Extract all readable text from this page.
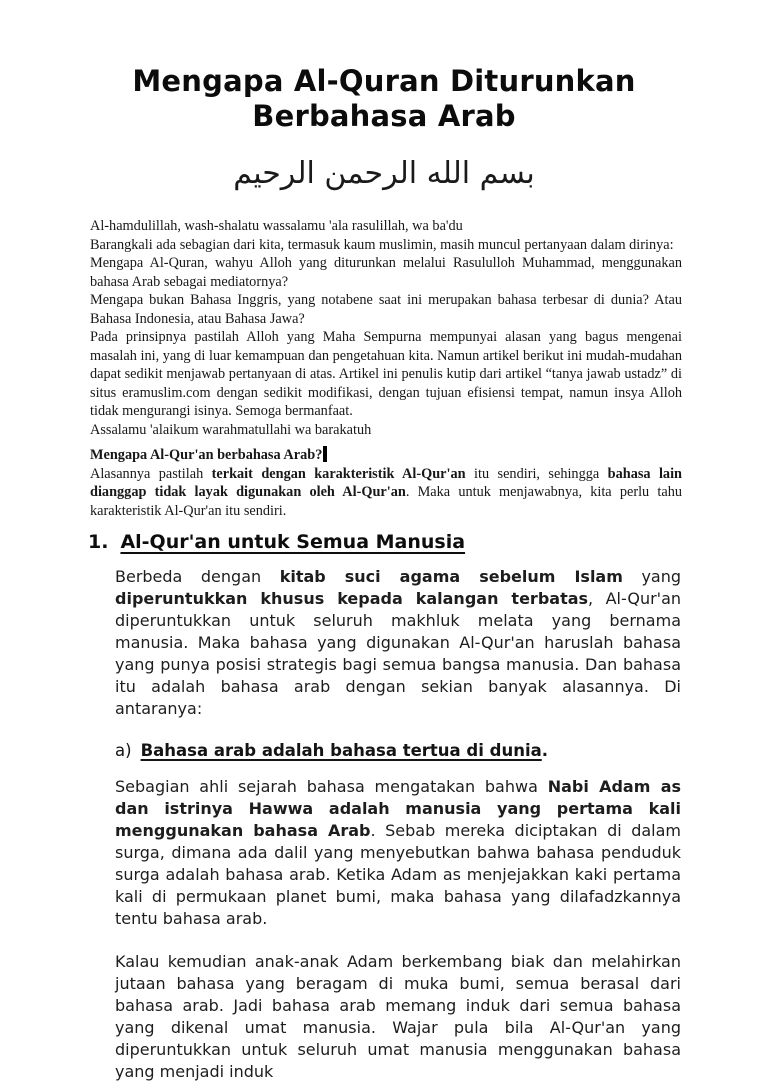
Mengapa Al-Quran Diturunkan
Berbahasa Arab
بسم الله الرحمن الرحيم

Al-hamdulillah, wash-shalatu wassalamu 'ala rasulillah, wa ba'du

Barangkali ada sebagian dari kita, termasuk kaum muslimin, masih muncul pertanyaan dalam dirinya:

Mengapa Al-Quran, wahyu Alloh yang diturunkan melalui Rasululloh Muhammad, menggunakan bahasa Arab sebagai mediatornya?

Mengapa bukan Bahasa Inggris, yang notabene saat ini merupakan bahasa terbesar di dunia? Atau Bahasa Indonesia, atau Bahasa Jawa?

Pada prinsipnya pastilah Alloh yang Maha Sempurna mempunyai alasan yang bagus mengenai masalah ini, yang di luar kemampuan dan pengetahuan kita. Namun artikel berikut ini mudah-mudahan dapat sedikit menjawab pertanyaan di atas. Artikel ini penulis kutip dari artikel “tanya jawab ustadz” di situs eramuslim.com dengan sedikit modifikasi, dengan tujuan efisiensi tempat, namun insya Alloh tidak mengurangi isinya. Semoga bermanfaat.

Assalamu 'alaikum warahmatullahi wa barakatuh

Mengapa Al-Qur'an berbahasa Arab?

Alasannya pastilah terkait dengan karakteristik Al-Qur'an itu sendiri, sehingga bahasa lain dianggap tidak layak digunakan oleh Al-Qur'an. Maka untuk menjawabnya, kita perlu tahu karakteristik Al-Qur'an itu sendiri.

1. Al-Qur'an untuk Semua Manusia

Berbeda dengan kitab suci agama sebelum Islam yang diperuntukkan khusus kepada kalangan terbatas, Al-Qur'an diperuntukkan untuk seluruh makhluk melata yang bernama manusia. Maka bahasa yang digunakan Al-Qur'an haruslah bahasa yang punya posisi strategis bagi semua bangsa manusia. Dan bahasa itu adalah bahasa arab dengan sekian banyak alasannya. Di antaranya:

a) Bahasa arab adalah bahasa tertua di dunia.

Sebagian ahli sejarah bahasa mengatakan bahwa Nabi Adam as dan istrinya Hawwa adalah manusia yang pertama kali menggunakan bahasa Arab. Sebab mereka diciptakan di dalam surga, dimana ada dalil yang menyebutkan bahwa bahasa penduduk surga adalah bahasa arab. Ketika Adam as menjejakkan kaki pertama kali di permukaan planet bumi, maka bahasa yang dilafadzkannya tentu bahasa arab.

Kalau kemudian anak-anak Adam berkembang biak dan melahirkan jutaan bahasa yang beragam di muka bumi, semua berasal dari bahasa arab. Jadi bahasa arab memang induk dari semua bahasa yang dikenal umat manusia. Wajar pula bila Al-Qur'an yang diperuntukkan untuk seluruh umat manusia menggunakan bahasa yang menjadi induk
